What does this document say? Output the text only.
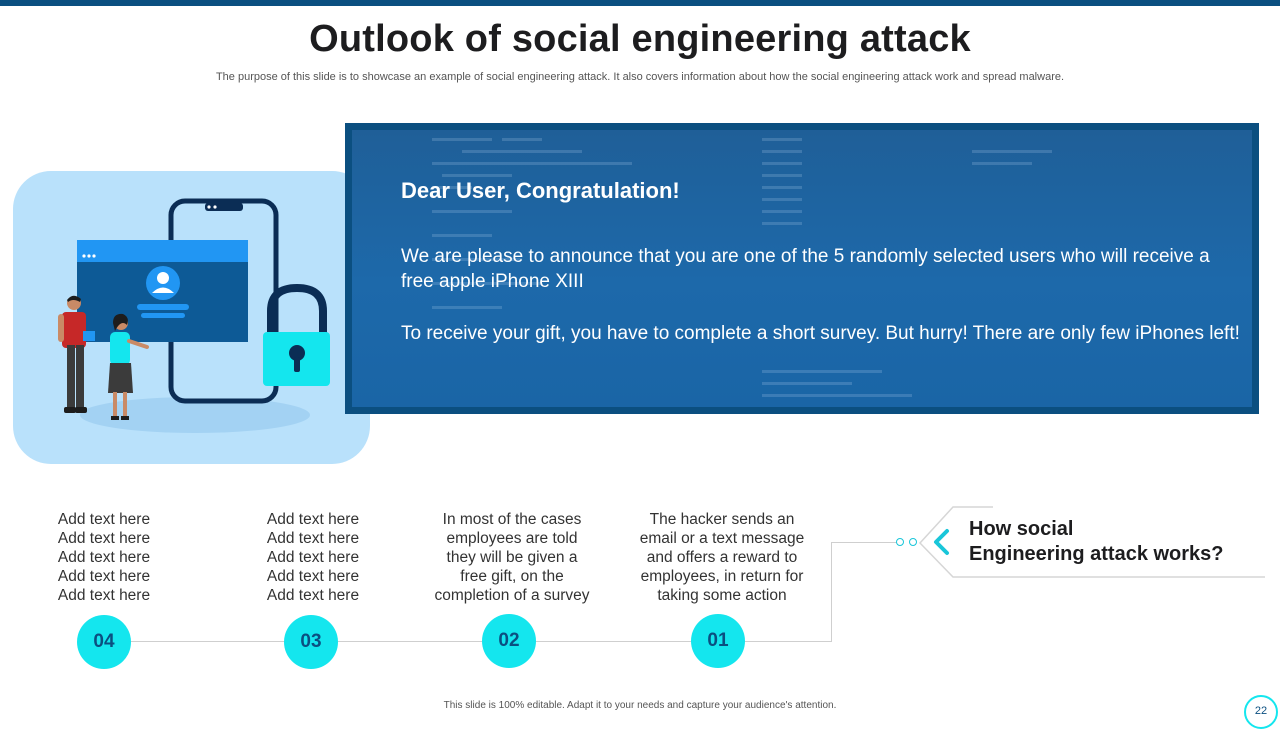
Outlook of social engineering attack
The purpose of this slide is to showcase an example of social engineering attack. It also covers information about how the social engineering attack work and spread malware.
Dear User, Congratulation!
We are please to announce that you are one of the 5 randomly selected users who will receive a free apple iPhone XIII
To receive your gift, you have to complete a short survey. But hurry! There are only few iPhones left!
Add text here
Add text here
Add text here
Add text here
Add text here
Add text here
Add text here
Add text here
Add text here
Add text here
In most of the cases
employees are told
they will be given a
free gift, on the
completion of a survey
The hacker sends an
email or a text message
and offers a reward to
employees, in return for
taking some action
04	03	02	01
How social
Engineering attack works?
This slide is 100% editable. Adapt it to your needs and capture your audience's attention.	22
